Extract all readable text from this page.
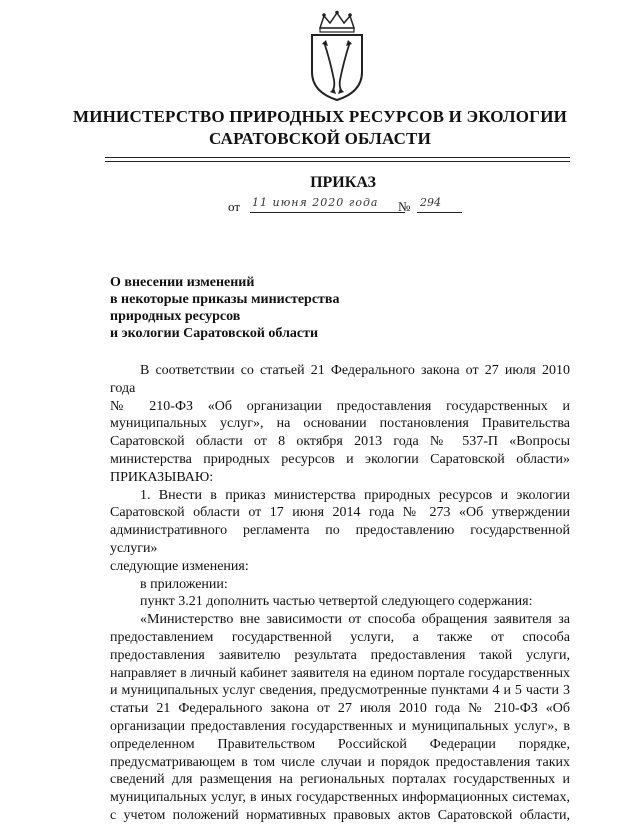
МИНИСТЕРСТВО ПРИРОДНЫХ РЕСУРСОВ И ЭКОЛОГИИ
САРАТОВСКОЙ ОБЛАСТИ
ПРИКАЗ
от 11 июня 2020 года № 294
О внесении изменений
в некоторые приказы министерства
природных ресурсов
и экологии Саратовской области

В соответствии со статьей 21 Федерального закона от 27 июля 2010 года

№ 210-ФЗ «Об организации предоставления государственных и

муниципальных услуг», на основании постановления Правительства

Саратовской области от 8 октября 2013 года № 537-П «Вопросы

министерства природных ресурсов и экологии Саратовской области»

ПРИКАЗЫВАЮ:

1. Внести в приказ министерства природных ресурсов и экологии

Саратовской области от 17 июня 2014 года № 273 «Об утверждении

административного регламента по предоставлению государственной услуги»

следующие изменения:

в приложении:

пункт 3.21 дополнить частью четвертой следующего содержания:

«Министерство вне зависимости от способа обращения заявителя за

предоставлением государственной услуги, а также от способа

предоставления заявителю результата предоставления такой услуги,

направляет в личный кабинет заявителя на едином портале государственных

и муниципальных услуг сведения, предусмотренные пунктами 4 и 5 части 3

статьи 21 Федерального закона от 27 июля 2010 года № 210-ФЗ «Об

организации предоставления государственных и муниципальных услуг», в

определенном Правительством Российской Федерации порядке,

предусматривающем в том числе случаи и порядок предоставления таких

сведений для размещения на региональных порталах государственных и

муниципальных услуг, в иных государственных информационных системах,

с учетом положений нормативных правовых актов Саратовской области,
